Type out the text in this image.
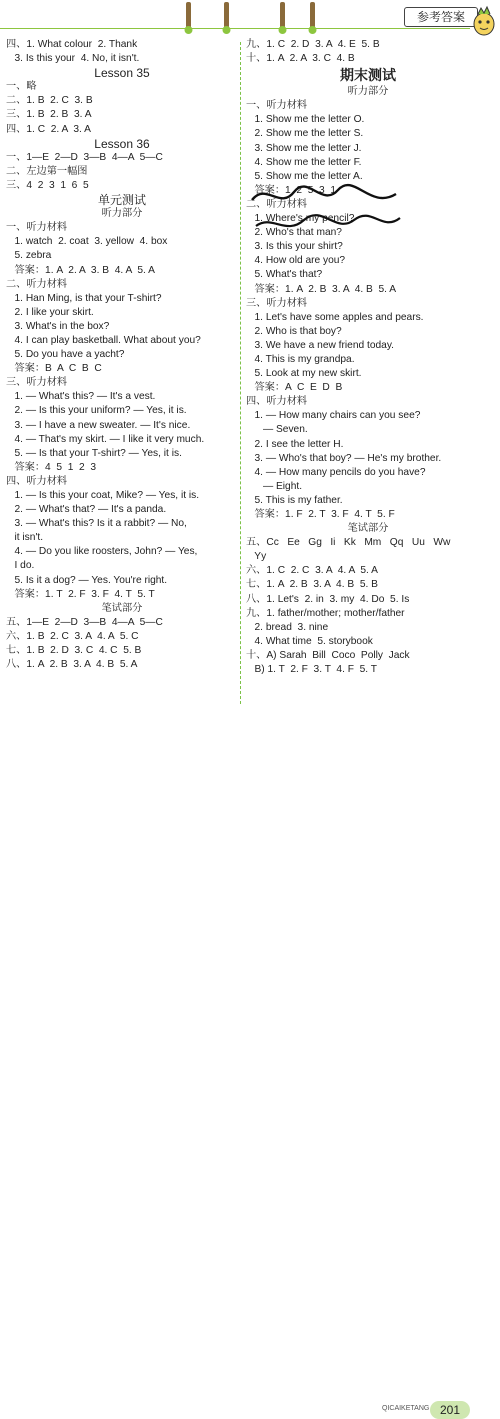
参考答案
四、1. What colour  2. Thank
3. Is this your  4. No, it isn't.
Lesson 35
一、略
二、1. B  2. C  3. B
三、1. B  2. B  3. A
四、1. C  2. A  3. A
Lesson 36
一、1—E  2—D  3—B  4—A  5—C
二、左边第一幅图
三、4  2  3  1  6  5
单元测试
听力部分
一、听力材料
1. watch  2. coat  3. yellow  4. box
5. zebra
答案：1. A  2. A  3. B  4. A  5. A
二、听力材料
1. Han Ming, is that your T-shirt?
2. I like your skirt.
3. What's in the box?
4. I can play basketball. What about you?
5. Do you have a yacht?
答案：B  A  C  B  C
三、听力材料
1. — What's this? — It's a vest.
2. — Is this your uniform? — Yes, it is.
3. — I have a new sweater. — It's nice.
4. — That's my skirt. — I like it very much.
5. — Is that your T-shirt? — Yes, it is.
答案：4  5  1  2  3
四、听力材料
1. — Is this your coat, Mike? — Yes, it is.
2. — What's that? — It's a panda.
3. — What's this? Is it a rabbit? — No,
it isn't.
4. — Do you like roosters, John? — Yes,
I do.
5. Is it a dog? — Yes. You're right.
答案：1. T  2. F  3. F  4. T  5. T
笔试部分
五、1—E  2—D  3—B  4—A  5—C
六、1. B  2. C  3. A  4. A  5. C
七、1. B  2. D  3. C  4. C  5. B
八、1. A  2. B  3. A  4. B  5. A
九、1. C  2. D  3. A  4. E  5. B
十、1. A  2. A  3. C  4. B
期末测试
听力部分
一、听力材料
1. Show me the letter O.
2. Show me the letter S.
3. Show me the letter J.
4. Show me the letter F.
5. Show me the letter A.
答案：1  2  5  3  1
二、听力材料
1. Where's my pencil?
2. Who's that man?
3. Is this your shirt?
4. How old are you?
5. What's that?
答案：1. A  2. B  3. A  4. B  5. A
三、听力材料
1. Let's have some apples and pears.
2. Who is that boy?
3. We have a new friend today.
4. This is my grandpa.
5. Look at my new skirt.
答案：A  C  E  D  B
四、听力材料
1. — How many chairs can you see?
— Seven.
2. I see the letter H.
3. — Who's that boy? — He's my brother.
4. — How many pencils do you have?
— Eight.
5. This is my father.
答案：1. F  2. T  3. F  4. T  5. F
笔试部分
五、Cc   Ee   Gg   Ii   Kk   Mm   Qq   Uu   Ww
Yy
六、1. C  2. C  3. A  4. A  5. A
七、1. A  2. B  3. A  4. B  5. B
八、1. Let's  2. in  3. my  4. Do  5. Is
九、1. father/mother; mother/father
2. bread  3. nine
4. What time  5. storybook
十、A) Sarah  Bill  Coco  Polly  Jack
B) 1. T  2. F  3. T  4. F  5. T
QICAIKETANG 201
